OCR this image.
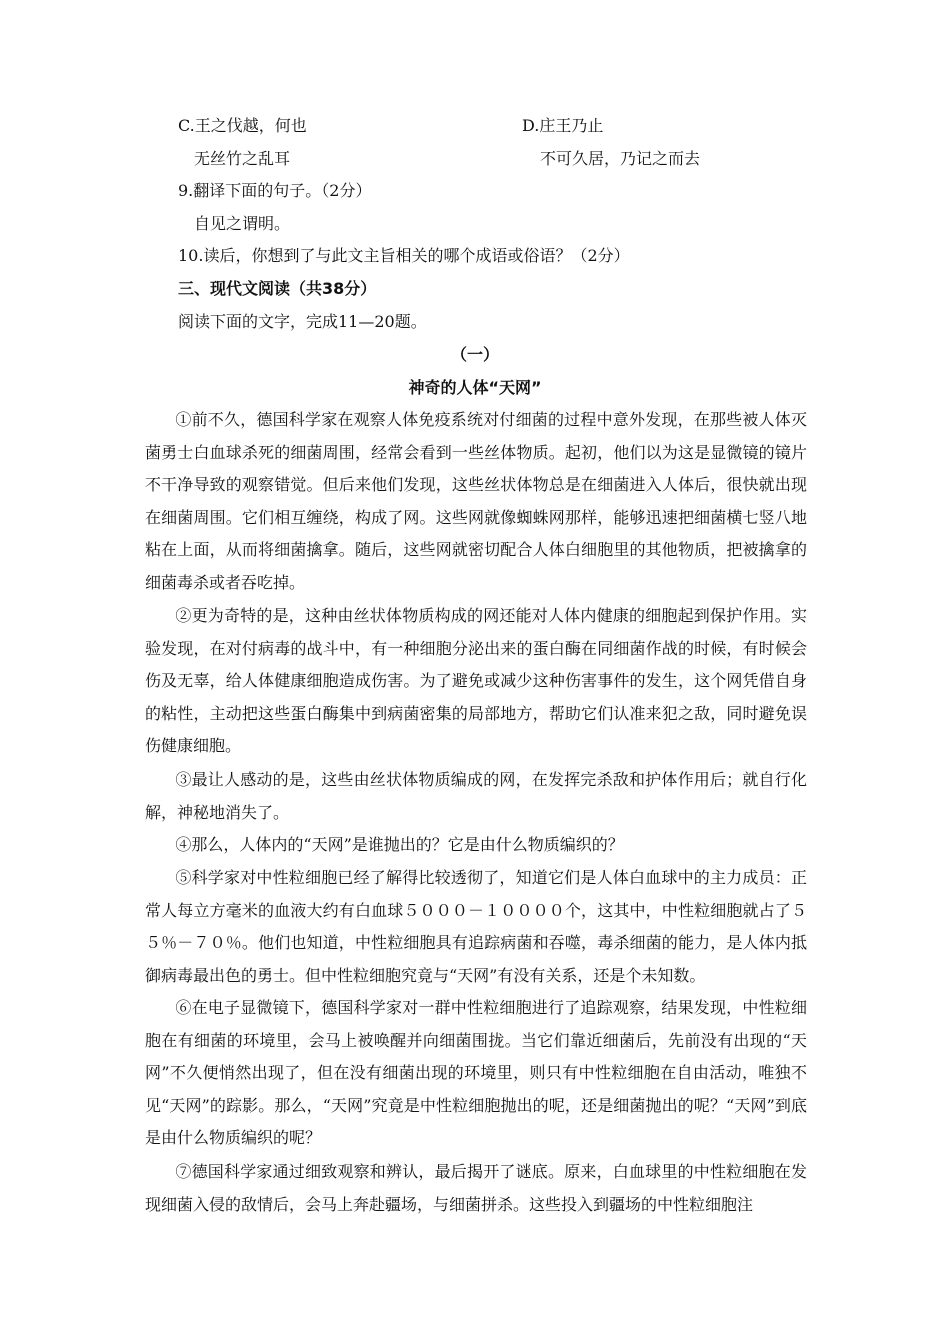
C.王之伐越，何也	D.庄王乃止
无丝竹之乱耳	不可久居，乃记之而去
9.翻译下面的句子。（2分）
自见之谓明。
10.读后，你想到了与此文主旨相关的哪个成语或俗语？（2分）
三、现代文阅读（共38分）
阅读下面的文字，完成11—20题。
（一）
神奇的人体“天网”
①前不久，德国科学家在观察人体免疫系统对付细菌的过程中意外发现，在那些被人体灭菌勇士白血球杀死的细菌周围，经常会看到一些丝体物质。起初，他们以为这是显微镜的镜片不干净导致的观察错觉。但后来他们发现，这些丝状体物总是在细菌进入人体后，很快就出现在细菌周围。它们相互缠绕，构成了网。这些网就像蜘蛛网那样，能够迅速把细菌横七竖八地粘在上面，从而将细菌擒拿。随后，这些网就密切配合人体白细胞里的其他物质，把被擒拿的细菌毒杀或者吞吃掉。
②更为奇特的是，这种由丝状体物质构成的网还能对人体内健康的细胞起到保护作用。实验发现，在对付病毒的战斗中，有一种细胞分泌出来的蛋白酶在同细菌作战的时候，有时候会伤及无辜，给人体健康细胞造成伤害。为了避免或减少这种伤害事件的发生，这个网凭借自身的粘性，主动把这些蛋白酶集中到病菌密集的局部地方，帮助它们认准来犯之敌，同时避免误伤健康细胞。
③最让人感动的是，这些由丝状体物质编成的网，在发挥完杀敌和护体作用后；就自行化解，神秘地消失了。
④那么，人体内的“天网”是谁抛出的？它是由什么物质编织的？
⑤科学家对中性粒细胞已经了解得比较透彻了，知道它们是人体白血球中的主力成员：正常人每立方毫米的血液大约有白血球５０００－１００００个，这其中，中性粒细胞就占了５５％－７０％。他们也知道，中性粒细胞具有追踪病菌和吞噬，毒杀细菌的能力，是人体内抵御病毒最出色的勇士。但中性粒细胞究竟与“天网”有没有关系，还是个未知数。
⑥在电子显微镜下，德国科学家对一群中性粒细胞进行了追踪观察，结果发现，中性粒细胞在有细菌的环境里，会马上被唤醒并向细菌围拢。当它们靠近细菌后，先前没有出现的“天网”不久便悄然出现了，但在没有细菌出现的环境里，则只有中性粒细胞在自由活动，唯独不见“天网”的踪影。那么，“天网”究竟是中性粒细胞抛出的呢，还是细菌抛出的呢？“天网”到底是由什么物质编织的呢？
⑦德国科学家通过细致观察和辨认，最后揭开了谜底。原来，白血球里的中性粒细胞在发现细菌入侵的敌情后，会马上奔赴疆场，与细菌拼杀。这些投入到疆场的中性粒细胞注
